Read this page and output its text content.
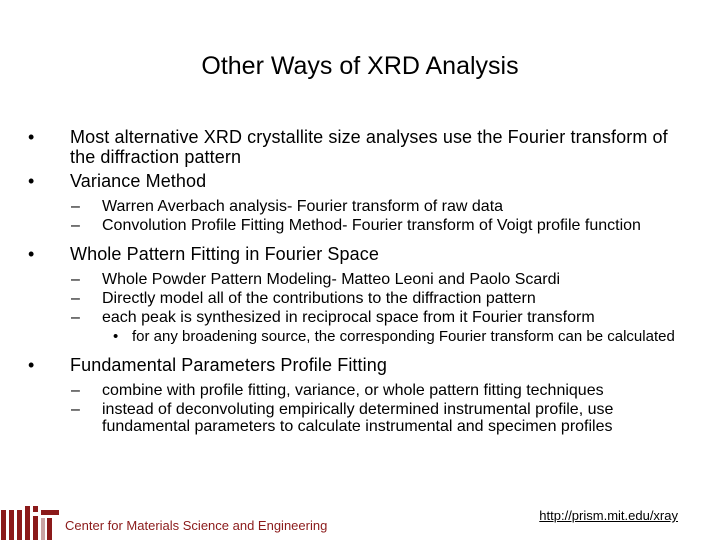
Other Ways of XRD Analysis
• Most alternative XRD crystallite size analyses use the Fourier transform of the diffraction pattern
• Variance Method
– Warren Averbach analysis- Fourier transform of raw data
– Convolution Profile Fitting Method- Fourier transform of Voigt profile function
• Whole Pattern Fitting in Fourier Space
– Whole Powder Pattern Modeling- Matteo Leoni and Paolo Scardi
– Directly model all of the contributions to the diffraction pattern
– each peak is synthesized in reciprocal space from it Fourier transform
• for any broadening source, the corresponding Fourier transform can be calculated
• Fundamental Parameters Profile Fitting
– combine with profile fitting, variance, or whole pattern fitting techniques
– instead of deconvoluting empirically determined instrumental profile, use fundamental parameters to calculate instrumental and specimen profiles
Center for Materials Science and Engineering
http://prism.mit.edu/xray
